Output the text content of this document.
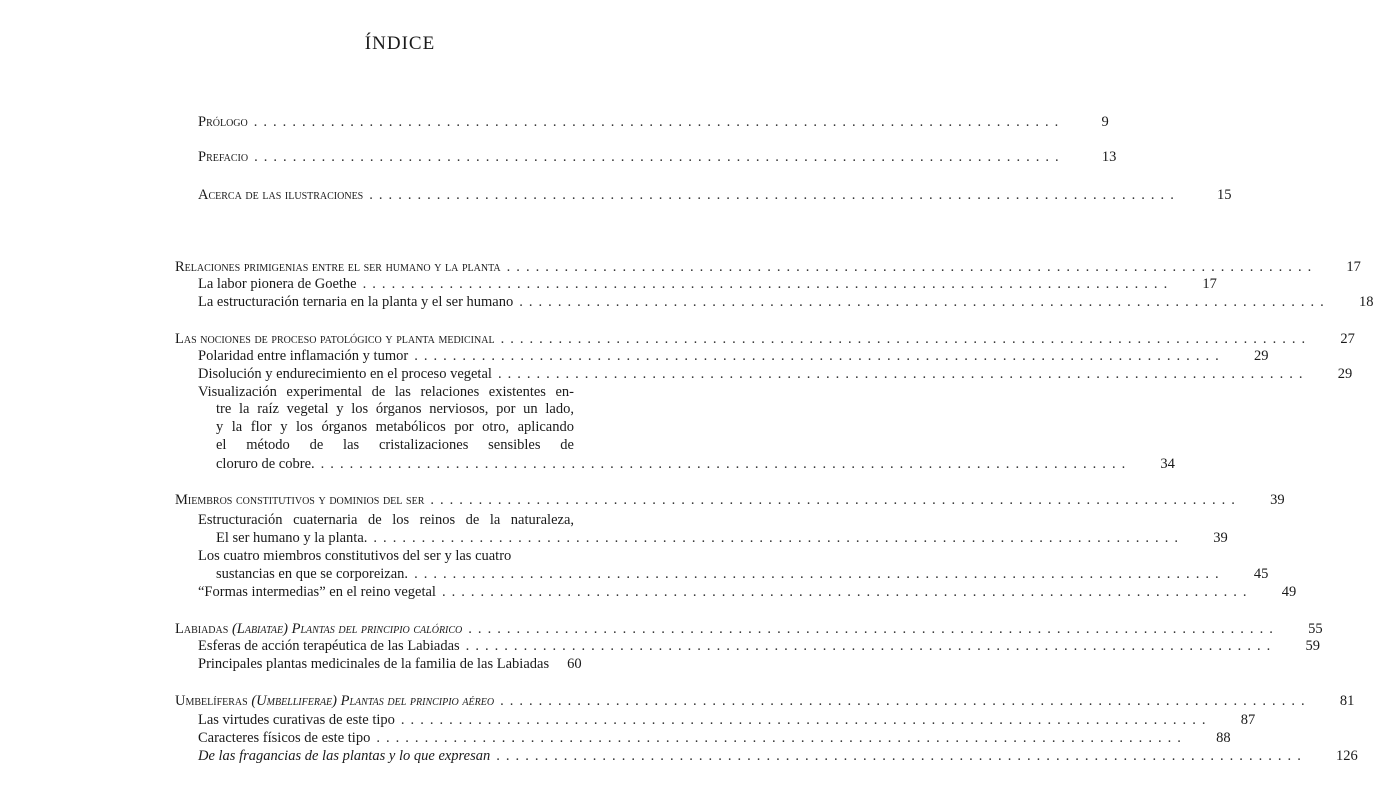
ÍNDICE
Prólogo . . . . . . . . . . . . . . . . . . . . . . . . . . . . . . . . . . . . . . . . . . . . . . . . . . . . . . . . . . . . . . . . . . . . . . . . . . . . . . . . . . . .	9
Prefacio . . . . . . . . . . . . . . . . . . . . . . . . . . . . . . . . . . . . . . . . . . . . . . . . . . . . . . . . . . . . . . . . . . . . . . . . . . . . . . . . . . . .	13
Acerca de las ilustraciones . . . . . . . . . . . . . . . . . . . . . . . . . . . . . . . . . . . . . . . . . . . . . . . . . . . . . . . . . . . . . . . . . . . . . . . . . . . . . . . . . . . .	15
Relaciones primigenias entre el ser humano y la planta . . . . . . . . . . . . . . . . . . . . . . . . . . . . . . . . . . . . . . . . . . . . . . . . . . . . . . . . . . . . . . . . . . . . . . . . . . . . . . . . . . . . 17
La labor pionera de Goethe . . . . . . . . . . . . . . . . . . . . . . . . . . . . . . . . . . . . . . . . . . . . . . . . . . . . . . . . . . . . . . . . . . . . . . . . . . . . . . . . . . . . 17
La estructuración ternaria en la planta y el ser humano . . . . . . . . . . . . . . . . . . . . . . . . . . . . . . . . . . . . . . . . . . . . . . . . . . . . . . . . . . . . . . . . . . . . . . . . . . . . . . . . . . . . 18
Las nociones de proceso patológico y planta medicinal . . . . . . . . . . . . . . . . . . . . . . . . . . . . . . . . . . . . . . . . . . . . . . . . . . . . . . . . . . . . . . . . . . . . . . . . . . . . . . . . . . . . 27
Polaridad entre inflamación y tumor . . . . . . . . . . . . . . . . . . . . . . . . . . . . . . . . . . . . . . . . . . . . . . . . . . . . . . . . . . . . . . . . . . . . . . . . . . . . . . . . . . . . 29
Disolución y endurecimiento en el proceso vegetal . . . . . . . . . . . . . . . . . . . . . . . . . . . . . . . . . . . . . . . . . . . . . . . . . . . . . . . . . . . . . . . . . . . . . . . . . . . . . . . . . . . . 29
Visualización experimental de las relaciones existentes en-
tre la raíz vegetal y los órganos nerviosos, por un lado,
y la flor y los órganos metabólicos por otro, aplicando
el método de las cristalizaciones sensibles de
cloruro de cobre. . . . . . . . . . . . . . . . . . . . . . . . . . . . . . . . . . . . . . . . . . . . . . . . . . . . . . . . . . . . . . . . . . . . . . . . . . . . . . . . . . . . . 34
Miembros constitutivos y dominios del ser . . . . . . . . . . . . . . . . . . . . . . . . . . . . . . . . . . . . . . . . . . . . . . . . . . . . . . . . . . . . . . . . . . . . . . . . . . . . . . . . . . . . 39
Estructuración cuaternaria de los reinos de la naturaleza,
El ser humano y la planta. . . . . . . . . . . . . . . . . . . . . . . . . . . . . . . . . . . . . . . . . . . . . . . . . . . . . . . . . . . . . . . . . . . . . . . . . . . . . . . . . . . . . 39
Los cuatro miembros constitutivos del ser y las cuatro
sustancias en que se corporeizan. . . . . . . . . . . . . . . . . . . . . . . . . . . . . . . . . . . . . . . . . . . . . . . . . . . . . . . . . . . . . . . . . . . . . . . . . . . . . . . . . . . . . 45
“Formas intermedias” en el reino vegetal . . . . . . . . . . . . . . . . . . . . . . . . . . . . . . . . . . . . . . . . . . . . . . . . . . . . . . . . . . . . . . . . . . . . . . . . . . . . . . . . . . . . 49
Labiadas (Labiatae) Plantas del principio calórico . . . . . . . . . . . . . . . . . . . . . . . . . . . . . . . . . . . . . . . . . . . . . . . . . . . . . . . . . . . . . . . . . . . . . . . . . . . . . . . . . . . . 55
Esferas de acción terapéutica de las Labiadas . . . . . . . . . . . . . . . . . . . . . . . . . . . . . . . . . . . . . . . . . . . . . . . . . . . . . . . . . . . . . . . . . . . . . . . . . . . . . . . . . . . . 59
Principales plantas medicinales de la familia de las Labiadas 60
Umbelíferas (Umbelliferae) Plantas del principio aéreo . . . . . . . . . . . . . . . . . . . . . . . . . . . . . . . . . . . . . . . . . . . . . . . . . . . . . . . . . . . . . . . . . . . . . . . . . . . . . . . . . . . . 81
Las virtudes curativas de este tipo . . . . . . . . . . . . . . . . . . . . . . . . . . . . . . . . . . . . . . . . . . . . . . . . . . . . . . . . . . . . . . . . . . . . . . . . . . . . . . . . . . . . 87
Caracteres físicos de este tipo . . . . . . . . . . . . . . . . . . . . . . . . . . . . . . . . . . . . . . . . . . . . . . . . . . . . . . . . . . . . . . . . . . . . . . . . . . . . . . . . . . . . 88
De las fragancias de las plantas y lo que expresan . . . . . . . . . . . . . . . . . . . . . . . . . . . . . . . . . . . . . . . . . . . . . . . . . . . . . . . . . . . . . . . . . . . . . . . . . . . . . . . . . . . . 126
